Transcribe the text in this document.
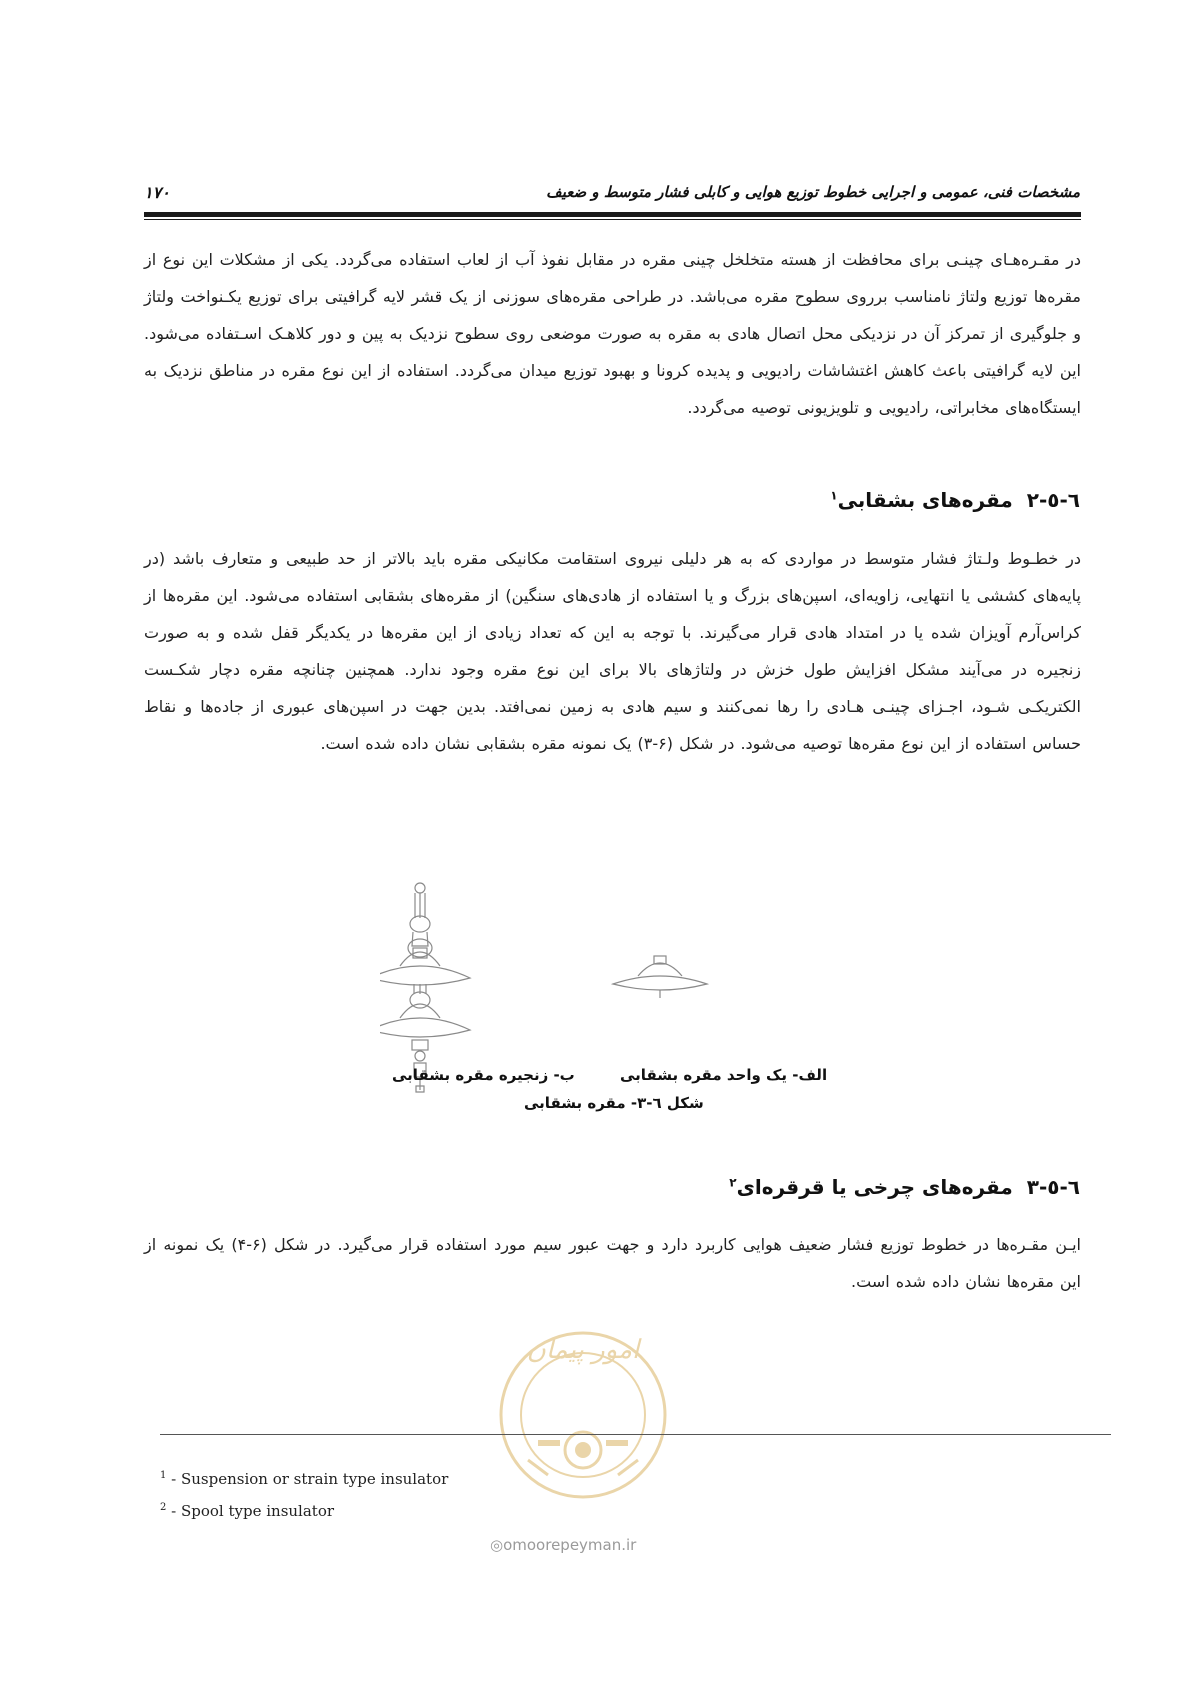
مشخصات فنی، عمومی و اجرایی خطوط توزیع هوایی و کابلی فشار متوسط و ضعیف
۱۷۰

در مقـره‌هـای چینـی برای محافظت از هسته متخلخل چینی مقره در مقابل نفوذ آب از لعاب استفاده می‌گردد. یکی از مشکلات این نوع از مقره‌ها توزیع ولتاژ نامناسب برروی سطوح مقره می‌باشد. در طراحی مقره‌های سوزنی از یک قشر لایه گرافیتی برای توزیع یکـنواخت ولتاژ و جلوگیری از تمرکز آن در نزدیکی محل اتصال هادی به مقره به صورت موضعی روی سطوح نزدیک به پین و دور کلاهـک اسـتفاده می‌شود. این لایه گرافیتی باعث کاهش اغتشاشات رادیویی و پدیده کرونا و بهبود توزیع میدان می‌گردد. استفاده از این نوع مقره در مناطق نزدیک به ایستگاه‌های مخابراتی، رادیویی و تلویزیونی توصیه می‌گردد.

٦-٥-٢  مقره‌های بشقابی$^۱$

در خطـوط ولـتاژ فشار متوسط در مواردی که به هر دلیلی نیروی استقامت مکانیکی مقره باید بالاتر از حد طبیعی و متعارف باشد (در پایه‌های کششی یا انتهایی، زاویه‌ای، اسپن‌های بزرگ و یا استفاده از هادی‌های سنگین) از مقره‌های بشقابی استفاده می‌شود. این مقره‌ها از کراس‌آرم آویزان شده یا در امتداد هادی قرار می‌گیرند. با توجه به این که تعداد زیادی از این مقره‌ها در یکدیگر قفل شده و به صورت زنجیره در می‌آیند مشکل افزایش طول خزش در ولتاژهای بالا برای این نوع مقره وجود ندارد. همچنین چنانچه مقره دچار شکـست الکتریکـی شـود، اجـزای چینـی هـادی را رها نمی‌کنند و سیم هادی به زمین نمی‌افتد. بدین جهت در اسپن‌های عبوری از جاده‌ها و نقاط حساس استفاده از این نوع مقره‌ها توصیه می‌شود. در شکل (۶-۳) یک نمونه مقره بشقابی نشان داده شده است.

الف- یک واحد مقره بشقابی
ب- زنجیره مقره بشقابی
شکل ٦-٣- مقره بشقابی
٦-٥-٣  مقره‌های چرخی یا قرقره‌ای$^۲$

ایـن مقـره‌ها در خطوط توزیع فشار ضعیف هوایی کاربرد دارد و جهت عبور سیم مورد استفاده قرار می‌گیرد. در شکل (۶-۴) یک نمونه از این مقره‌ها نشان داده شده است.

امور پیمان
◎omoorepeyman.ir
$^1$ - Suspension or strain type insulator
$^2$ - Spool type insulator
